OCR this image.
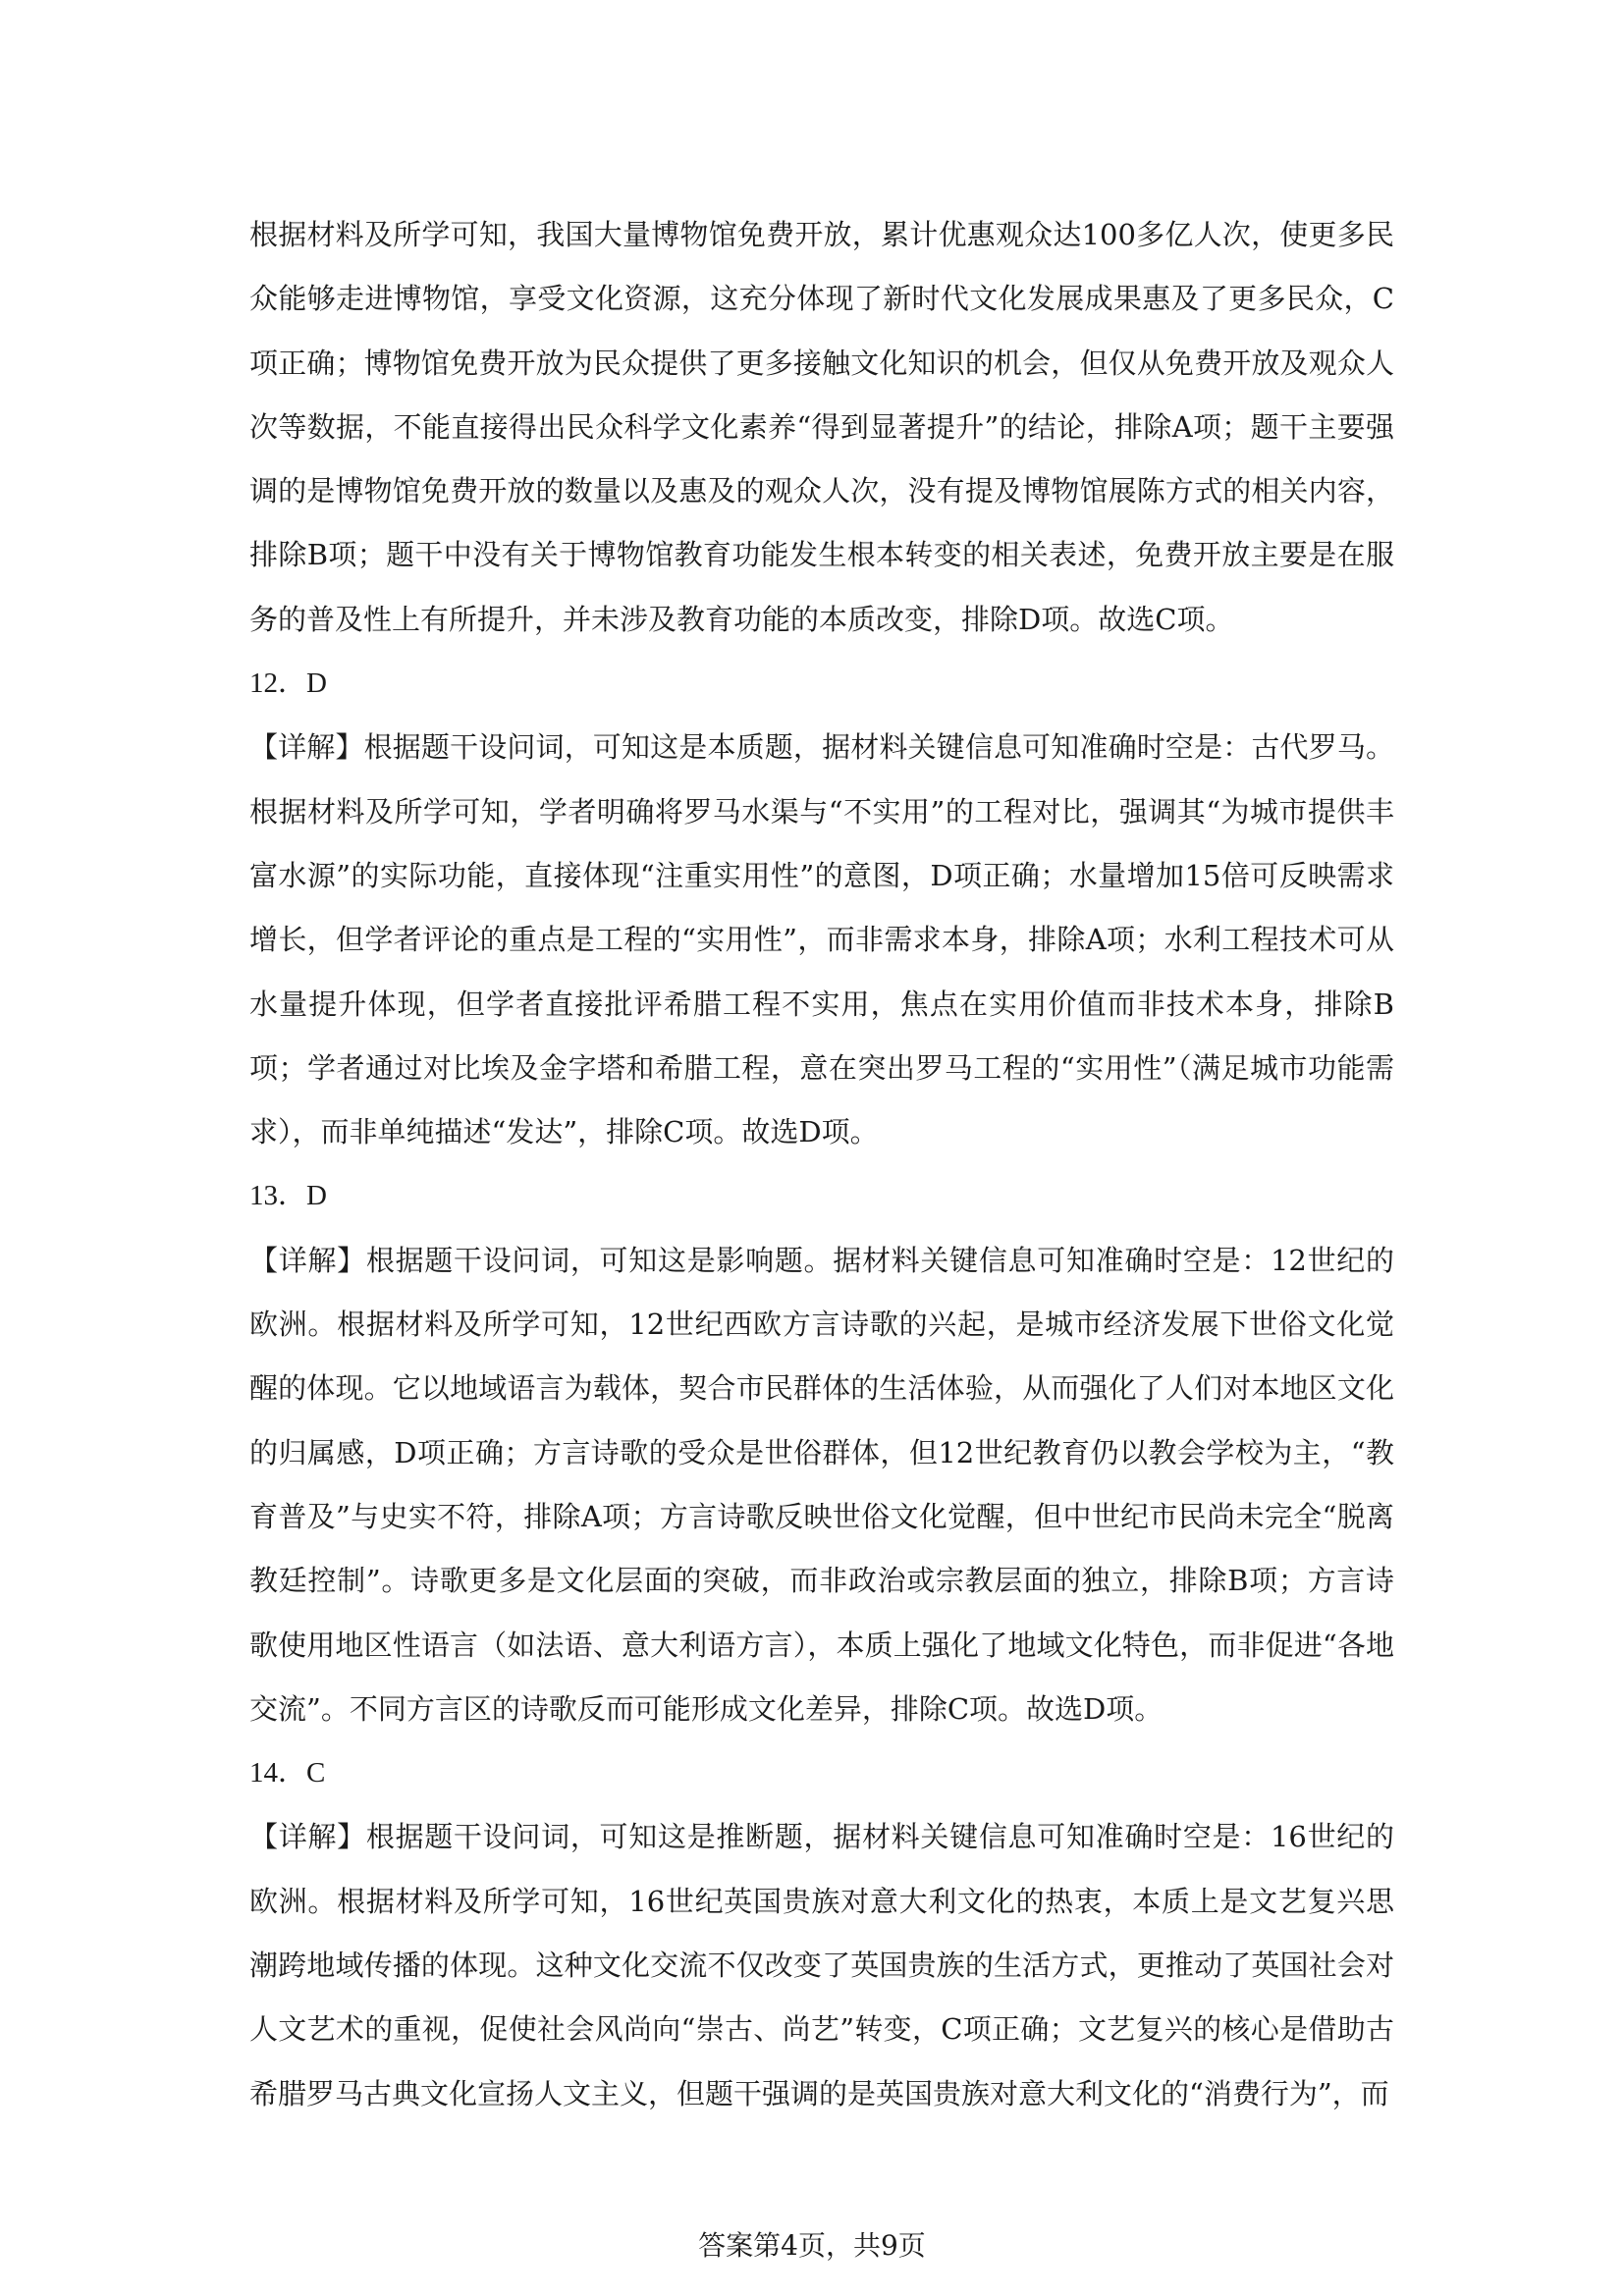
根据材料及所学可知，我国大量博物馆免费开放，累计优惠观众达100多亿人次，使更多民众能够走进博物馆，享受文化资源，这充分体现了新时代文化发展成果惠及了更多民众，C项正确；博物馆免费开放为民众提供了更多接触文化知识的机会，但仅从免费开放及观众人次等数据，不能直接得出民众科学文化素养“得到显著提升”的结论，排除A项；题干主要强调的是博物馆免费开放的数量以及惠及的观众人次，没有提及博物馆展陈方式的相关内容，排除B项；题干中没有关于博物馆教育功能发生根本转变的相关表述，免费开放主要是在服务的普及性上有所提升，并未涉及教育功能的本质改变，排除D项。故选C项。

12．D

【详解】根据题干设问词，可知这是本质题，据材料关键信息可知准确时空是：古代罗马。根据材料及所学可知，学者明确将罗马水渠与“不实用”的工程对比，强调其“为城市提供丰富水源”的实际功能，直接体现“注重实用性”的意图，D项正确；水量增加15倍可反映需求增长，但学者评论的重点是工程的“实用性”，而非需求本身，排除A项；水利工程技术可从水量提升体现，但学者直接批评希腊工程不实用，焦点在实用价值而非技术本身，排除B项；学者通过对比埃及金字塔和希腊工程，意在突出罗马工程的“实用性”（满足城市功能需求），而非单纯描述“发达”，排除C项。故选D项。

13．D

【详解】根据题干设问词，可知这是影响题。据材料关键信息可知准确时空是：12世纪的欧洲。根据材料及所学可知，12世纪西欧方言诗歌的兴起，是城市经济发展下世俗文化觉醒的体现。它以地域语言为载体，契合市民群体的生活体验，从而强化了人们对本地区文化的归属感，D项正确；方言诗歌的受众是世俗群体，但12世纪教育仍以教会学校为主，“教育普及”与史实不符，排除A项；方言诗歌反映世俗文化觉醒，但中世纪市民尚未完全“脱离教廷控制”。诗歌更多是文化层面的突破，而非政治或宗教层面的独立，排除B项；方言诗歌使用地区性语言（如法语、意大利语方言），本质上强化了地域文化特色，而非促进“各地交流”。不同方言区的诗歌反而可能形成文化差异，排除C项。故选D项。

14．C

【详解】根据题干设问词，可知这是推断题，据材料关键信息可知准确时空是：16世纪的欧洲。根据材料及所学可知，16世纪英国贵族对意大利文化的热衷，本质上是文艺复兴思潮跨地域传播的体现。这种文化交流不仅改变了英国贵族的生活方式，更推动了英国社会对人文艺术的重视，促使社会风尚向“崇古、尚艺”转变，C项正确；文艺复兴的核心是借助古希腊罗马古典文化宣扬人文主义，但题干强调的是英国贵族对意大利文化的“消费行为”，而

答案第4页，共9页
